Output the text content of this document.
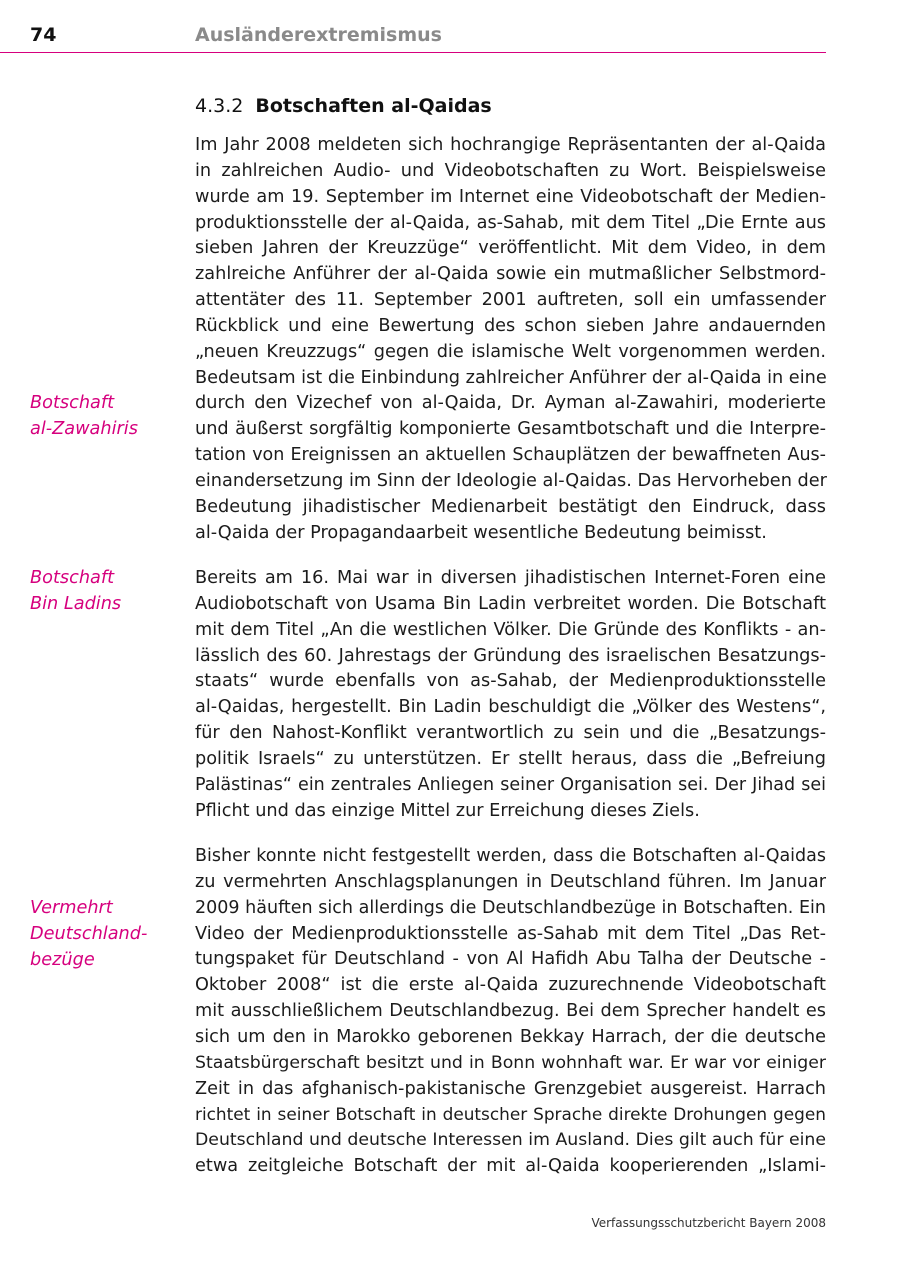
74	Ausländerextremismus
4.3.2 Botschaften al-Qaidas
Botschaft
al-Zawahiris
Botschaft
Bin Ladins
Vermehrt
Deutschland-
bezüge
Im Jahr 2008 meldeten sich hochrangige Repräsentanten der al-Qaida
in zahlreichen Audio- und Videobotschaften zu Wort. Beispielsweise
wurde am 19. September im Internet eine Videobotschaft der Medien-
produktionsstelle der al-Qaida, as-Sahab, mit dem Titel „Die Ernte aus
sieben Jahren der Kreuzzüge“ veröffentlicht. Mit dem Video, in dem
zahlreiche Anführer der al-Qaida sowie ein mutmaßlicher Selbstmord-
attentäter des 11. September 2001 auftreten, soll ein umfassender
Rückblick und eine Bewertung des schon sieben Jahre andauernden
„neuen Kreuzzugs“ gegen die islamische Welt vorgenommen werden.
Bedeutsam ist die Einbindung zahlreicher Anführer der al-Qaida in eine
durch den Vizechef von al-Qaida, Dr. Ayman al-Zawahiri, moderierte
und äußerst sorgfältig komponierte Gesamtbotschaft und die Interpre-
tation von Ereignissen an aktuellen Schauplätzen der bewaffneten Aus-
einandersetzung im Sinn der Ideologie al-Qaidas. Das Hervorheben der
Bedeutung jihadistischer Medienarbeit bestätigt den Eindruck, dass
al-Qaida der Propagandaarbeit wesentliche Bedeutung beimisst.
Bereits am 16. Mai war in diversen jihadistischen Internet-Foren eine
Audiobotschaft von Usama Bin Ladin verbreitet worden. Die Botschaft
mit dem Titel „An die westlichen Völker. Die Gründe des Konflikts - an-
lässlich des 60. Jahrestags der Gründung des israelischen Besatzungs-
staats“ wurde ebenfalls von as-Sahab, der Medienproduktionsstelle
al-Qaidas, hergestellt. Bin Ladin beschuldigt die „Völker des Westens“,
für den Nahost-Konflikt verantwortlich zu sein und die „Besatzungs-
politik Israels“ zu unterstützen. Er stellt heraus, dass die „Befreiung
Palästinas“ ein zentrales Anliegen seiner Organisation sei. Der Jihad sei
Pflicht und das einzige Mittel zur Erreichung dieses Ziels.
Bisher konnte nicht festgestellt werden, dass die Botschaften al-Qaidas
zu vermehrten Anschlagsplanungen in Deutschland führen. Im Januar
2009 häuften sich allerdings die Deutschlandbezüge in Botschaften. Ein
Video der Medienproduktionsstelle as-Sahab mit dem Titel „Das Ret-
tungspaket für Deutschland - von Al Hafidh Abu Talha der Deutsche -
Oktober 2008“ ist die erste al-Qaida zuzurechnende Videobotschaft
mit ausschließlichem Deutschlandbezug. Bei dem Sprecher handelt es
sich um den in Marokko geborenen Bekkay Harrach, der die deutsche
Staatsbürgerschaft besitzt und in Bonn wohnhaft war. Er war vor einiger
Zeit in das afghanisch-pakistanische Grenzgebiet ausgereist. Harrach
richtet in seiner Botschaft in deutscher Sprache direkte Drohungen gegen
Deutschland und deutsche Interessen im Ausland. Dies gilt auch für eine
etwa zeitgleiche Botschaft der mit al-Qaida kooperierenden „Islami-
Verfassungsschutzbericht Bayern 2008
